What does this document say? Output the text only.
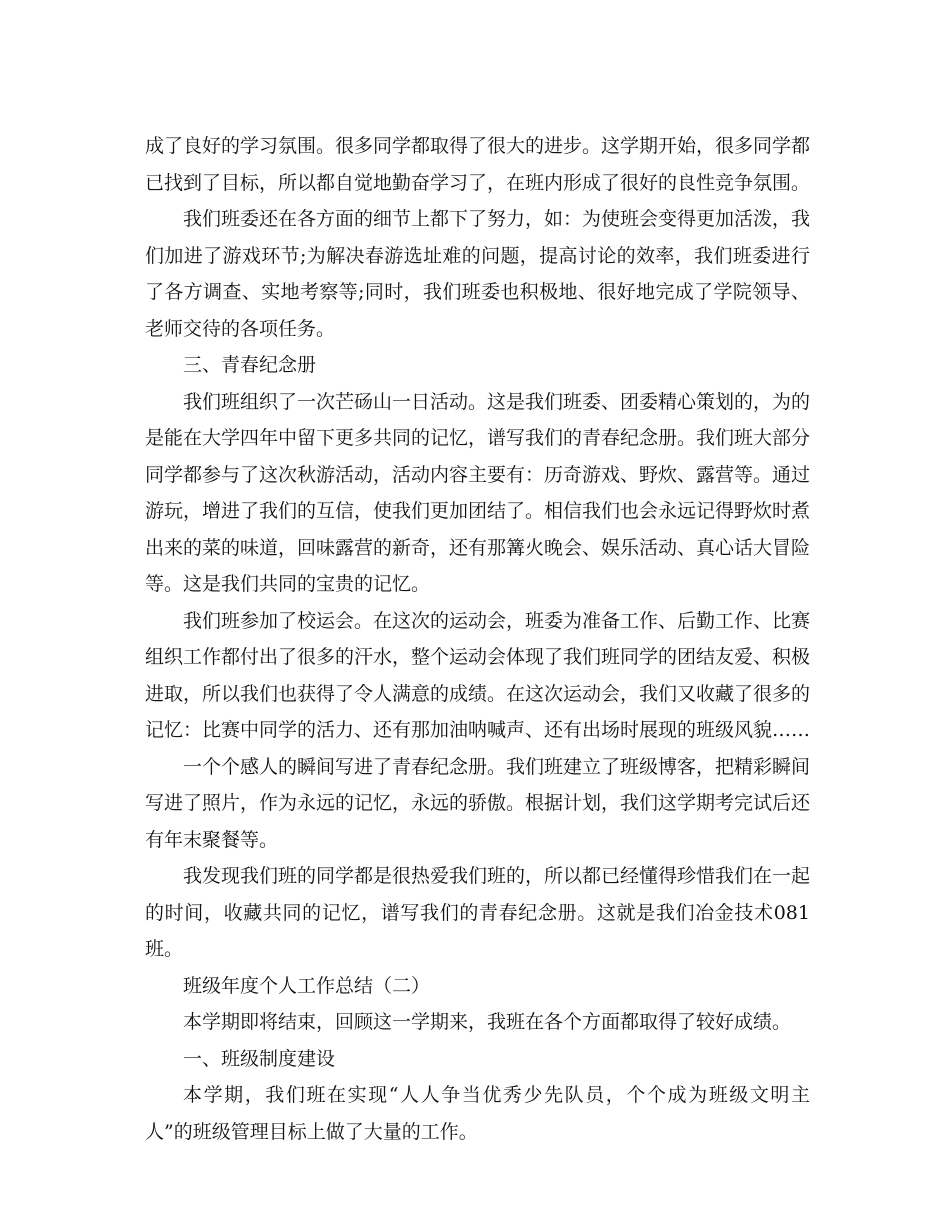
成了良好的学习氛围。很多同学都取得了很大的进步。这学期开始，很多同学都已找到了目标，所以都自觉地勤奋学习了，在班内形成了很好的良性竞争氛围。

我们班委还在各方面的细节上都下了努力，如：为使班会变得更加活泼，我们加进了游戏环节;为解决春游选址难的问题，提高讨论的效率，我们班委进行了各方调查、实地考察等;同时，我们班委也积极地、很好地完成了学院领导、老师交待的各项任务。

三、青春纪念册

我们班组织了一次芒砀山一日活动。这是我们班委、团委精心策划的，为的是能在大学四年中留下更多共同的记忆，谱写我们的青春纪念册。我们班大部分同学都参与了这次秋游活动，活动内容主要有：历奇游戏、野炊、露营等。通过游玩，增进了我们的互信，使我们更加团结了。相信我们也会永远记得野炊时煮出来的菜的味道，回味露营的新奇，还有那篝火晚会、娱乐活动、真心话大冒险等。这是我们共同的宝贵的记忆。

我们班参加了校运会。在这次的运动会，班委为准备工作、后勤工作、比赛组织工作都付出了很多的汗水，整个运动会体现了我们班同学的团结友爱、积极进取，所以我们也获得了令人满意的成绩。在这次运动会，我们又收藏了很多的记忆：比赛中同学的活力、还有那加油呐喊声、还有出场时展现的班级风貌……

一个个感人的瞬间写进了青春纪念册。我们班建立了班级博客，把精彩瞬间写进了照片，作为永远的记忆，永远的骄傲。根据计划，我们这学期考完试后还有年末聚餐等。

我发现我们班的同学都是很热爱我们班的，所以都已经懂得珍惜我们在一起的时间，收藏共同的记忆，谱写我们的青春纪念册。这就是我们冶金技术081班。

班级年度个人工作总结（二）

本学期即将结束，回顾这一学期来，我班在各个方面都取得了较好成绩。

一、班级制度建设

本学期，我们班在实现“人人争当优秀少先队员，个个成为班级文明主人”的班级管理目标上做了大量的工作。
